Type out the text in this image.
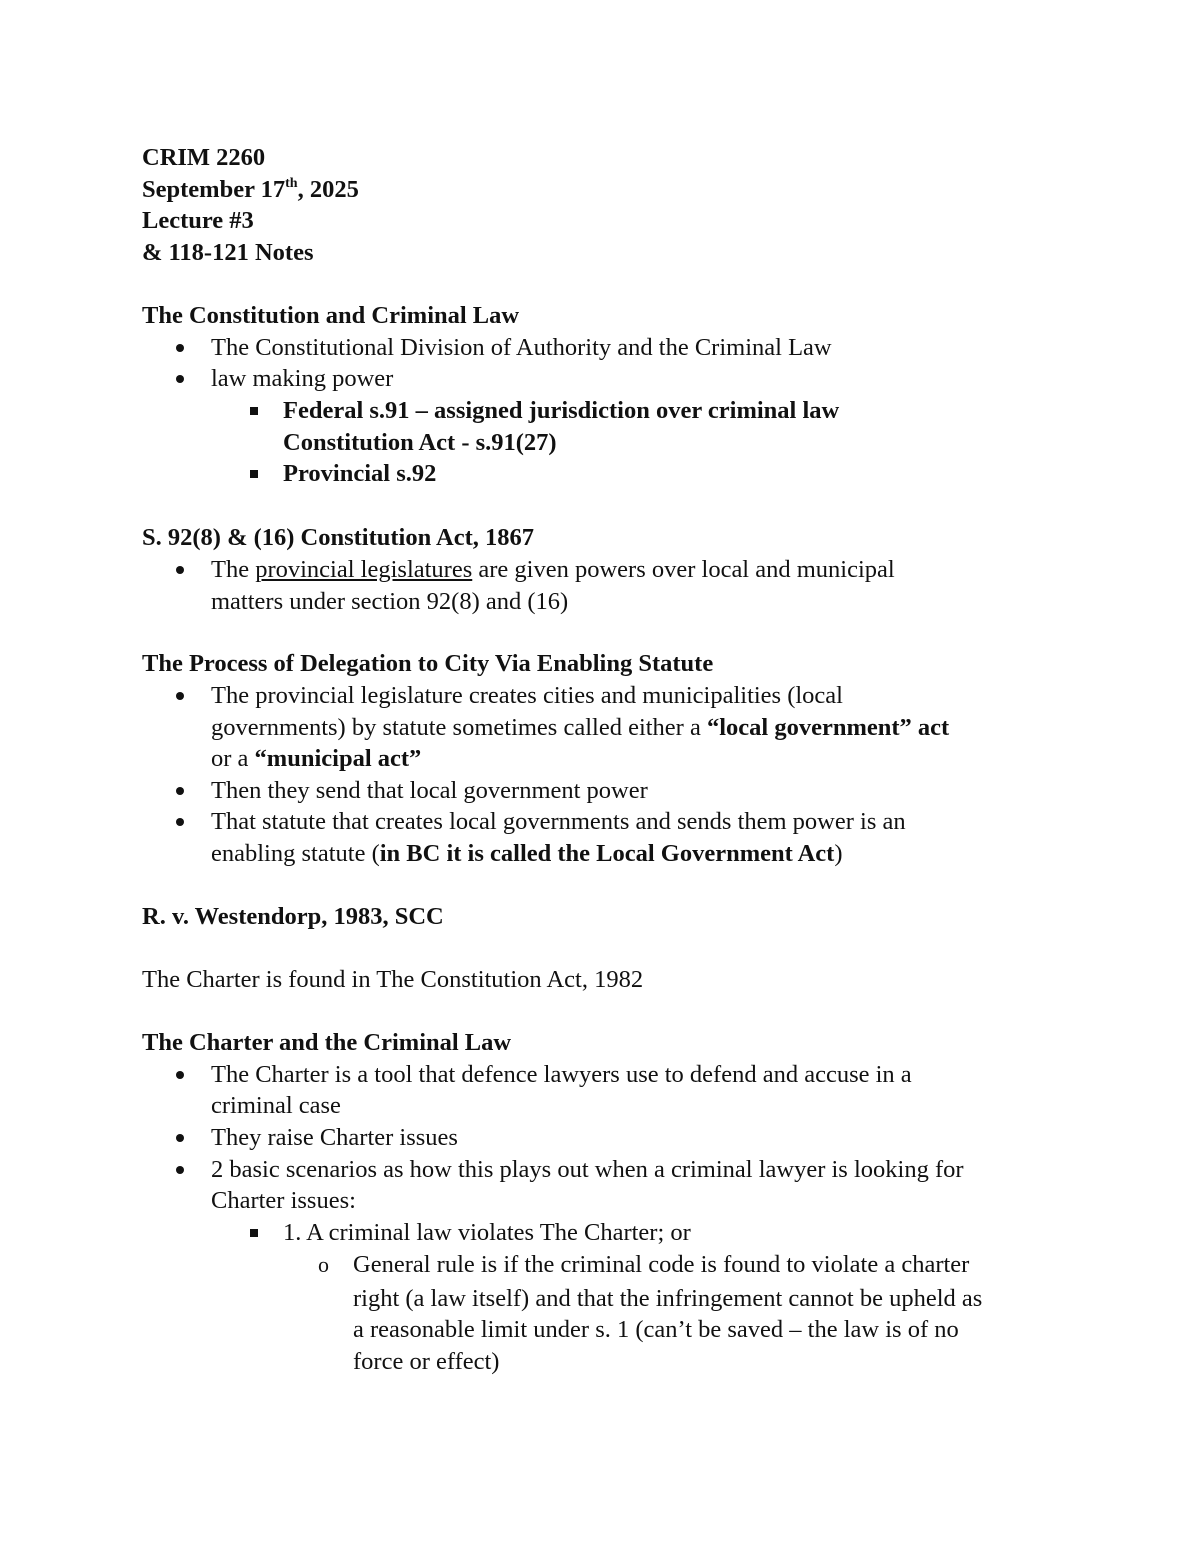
CRIM 2260
September 17th, 2025
Lecture #3
& 118-121 Notes
The Constitution and Criminal Law
The Constitutional Division of Authority and the Criminal Law
law making power
Federal s.91 – assigned jurisdiction over criminal law
Constitution Act - s.91(27)
Provincial s.92
S. 92(8) & (16) Constitution Act, 1867
The provincial legislatures are given powers over local and municipal
matters under section 92(8) and (16)
The Process of Delegation to City Via Enabling Statute
The provincial legislature creates cities and municipalities (local
governments) by statute sometimes called either a “local government” act
or a “municipal act”
Then they send that local government power
That statute that creates local governments and sends them power is an
enabling statute (in BC it is called the Local Government Act)
R. v. Westendorp, 1983, SCC
The Charter is found in The Constitution Act, 1982
The Charter and the Criminal Law
The Charter is a tool that defence lawyers use to defend and accuse in a
criminal case
They raise Charter issues
2 basic scenarios as how this plays out when a criminal lawyer is looking for
Charter issues:
1. A criminal law violates The Charter; or
o General rule is if the criminal code is found to violate a charter
right (a law itself) and that the infringement cannot be upheld as
a reasonable limit under s. 1 (can’t be saved – the law is of no
force or effect)
